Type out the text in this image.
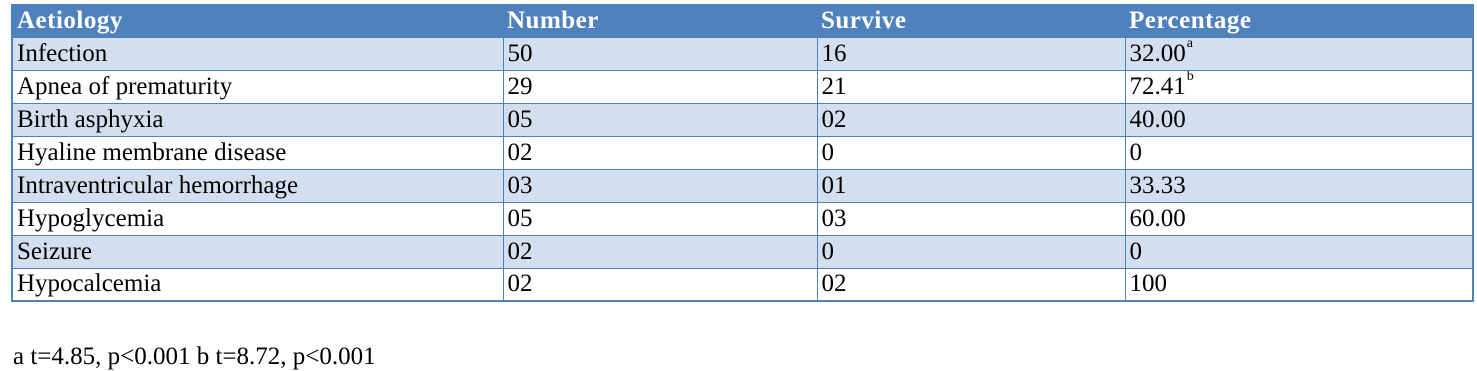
Aetiology	Number	Survive	Percentage
Infection	50	16	32.00$^a$
Apnea of prematurity	29	21	72.41$^b$
Birth asphyxia	05	02	40.00
Hyaline membrane disease	02	0	0
Intraventricular hemorrhage	03	01	33.33
Hypoglycemia	05	03	60.00
Seizure	02	0	0
Hypocalcemia	02	02	100
a t=4.85, p<0.001 b t=8.72, p<0.001
